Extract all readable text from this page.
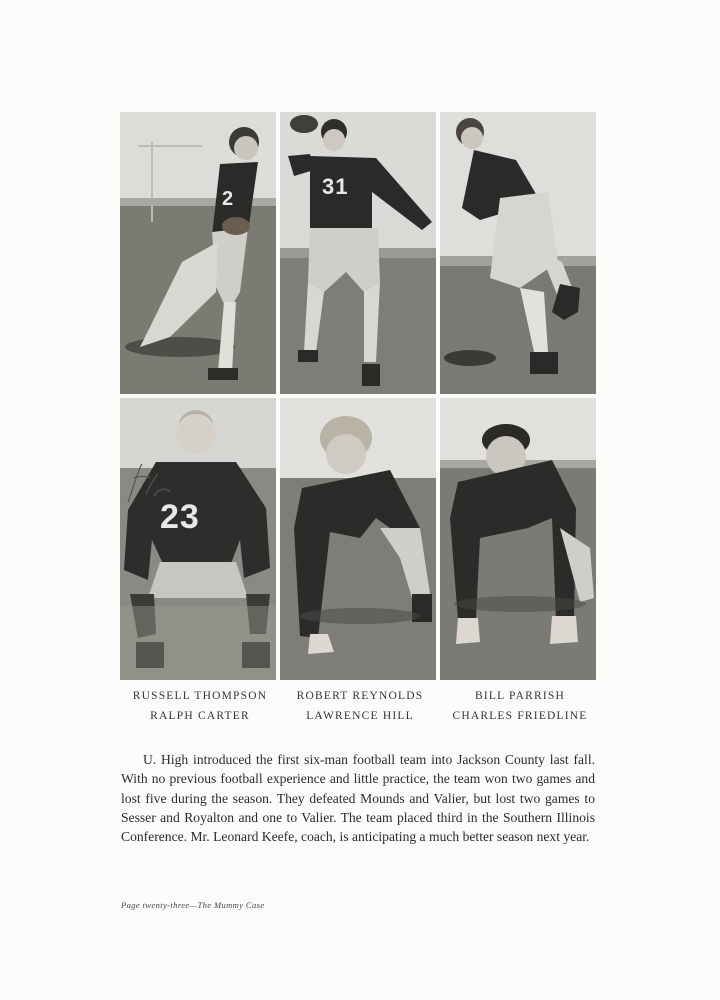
2	31
23
RUSSELL THOMPSON
RALPH CARTER
ROBERT REYNOLDS
LAWRENCE HILL
BILL PARRISH
CHARLES FRIEDLINE

U. High introduced the first six-man football team into Jackson County last fall. With no previous football experience and little practice, the team won two games and lost five during the season. They defeated Mounds and Valier, but lost two games to Sesser and Royalton and one to Valier. The team placed third in the Southern Illinois Conference. Mr. Leonard Keefe, coach, is anticipating a much better season next year.

Page twenty-three—The Mummy Case
